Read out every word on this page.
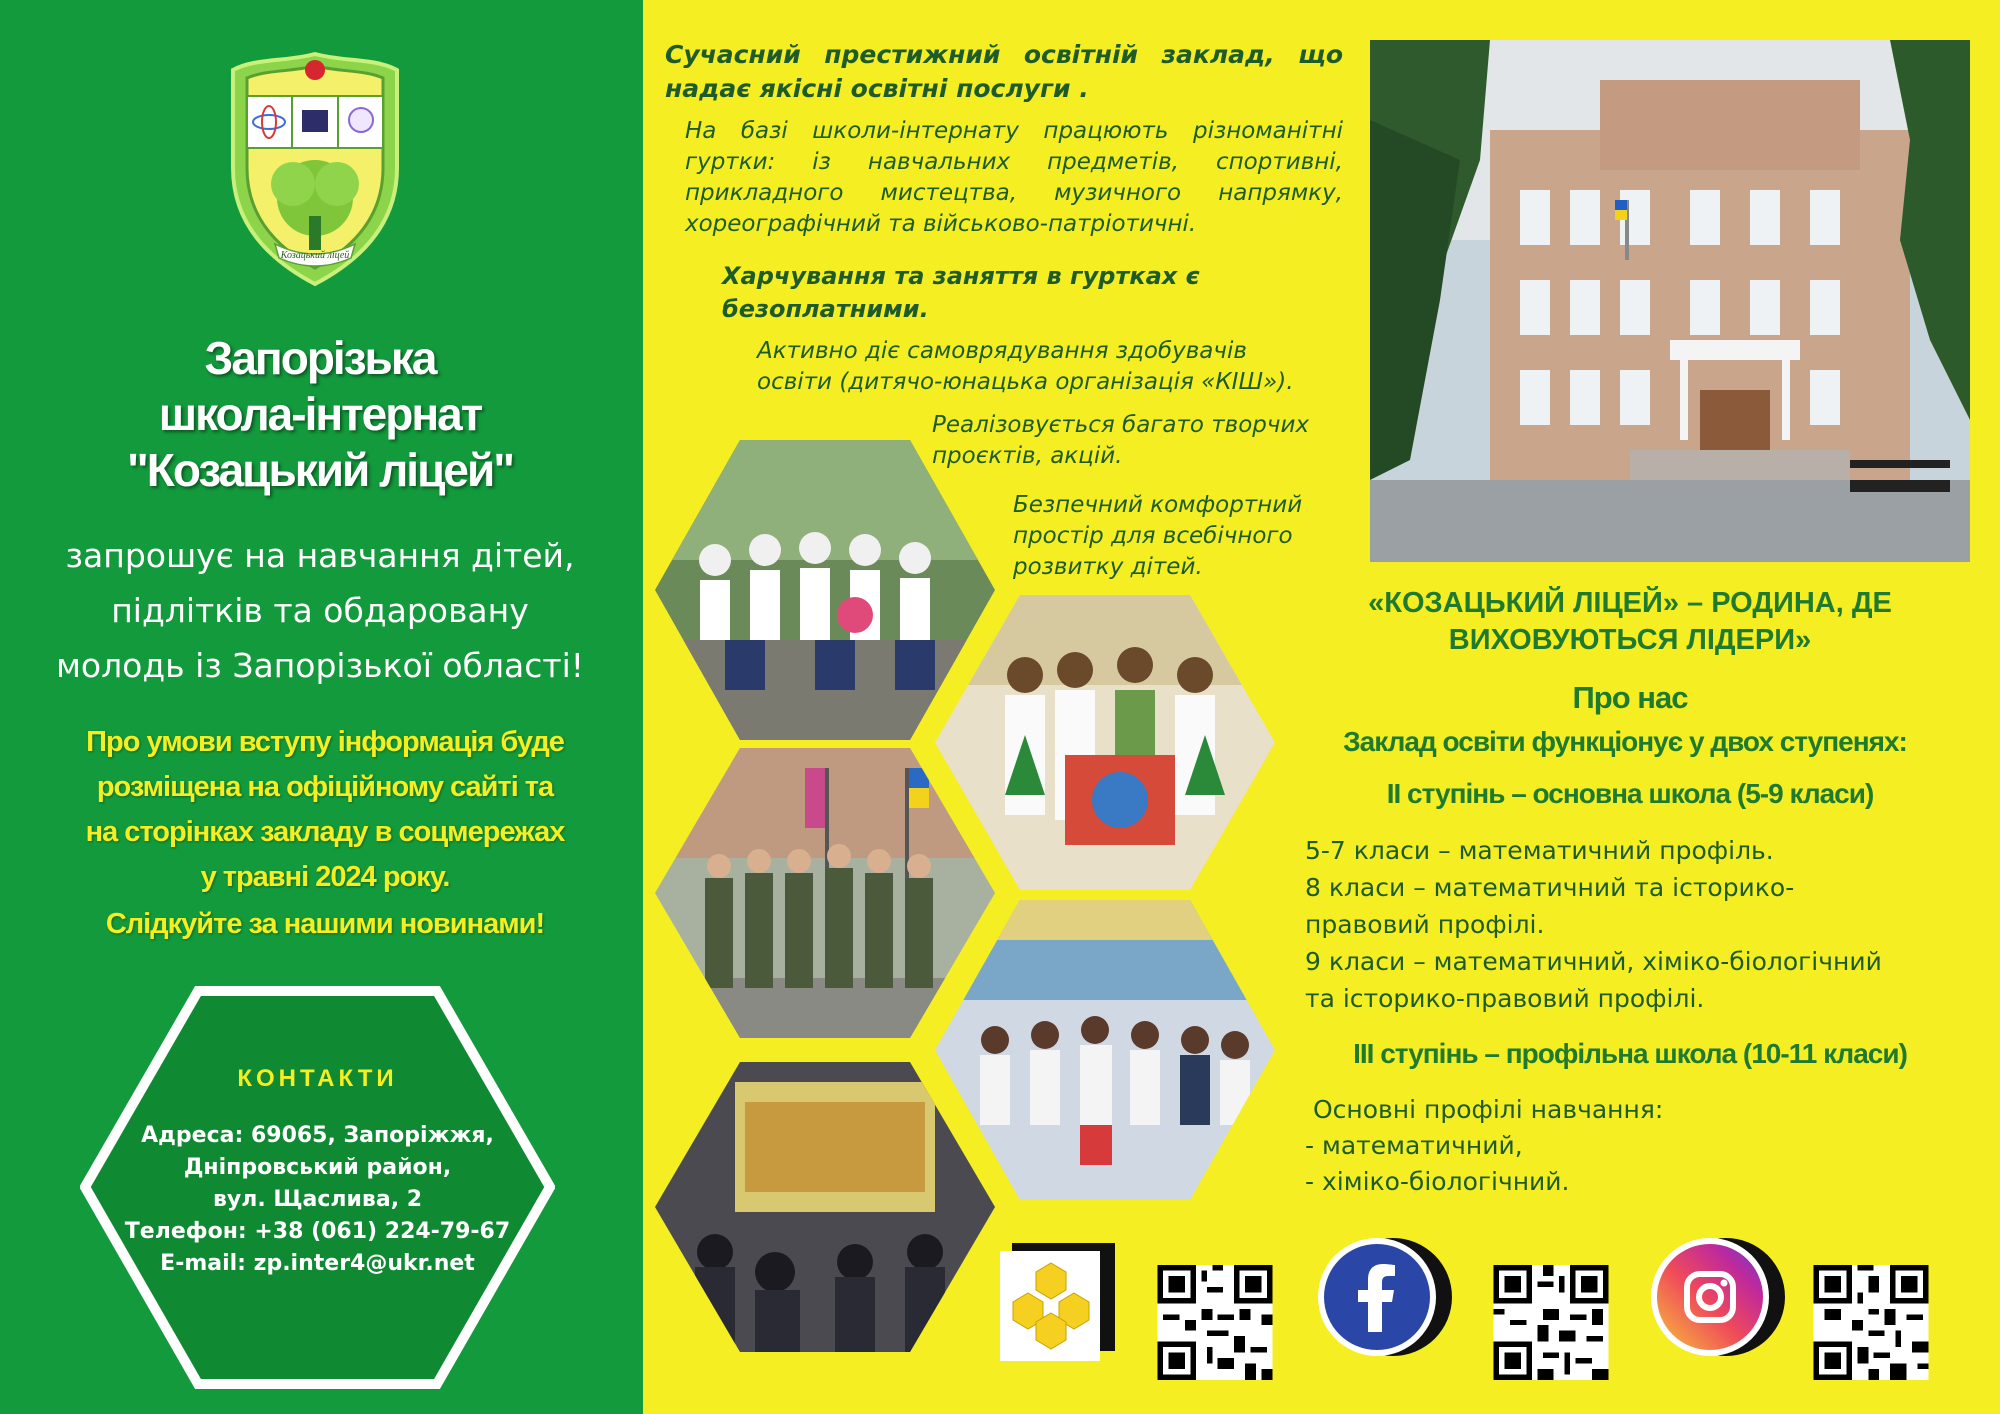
Козацький ліцей
Запорізька
школа-інтернат
"Козацький ліцей"
запрошує на навчання дітей,
підлітків та обдаровану
молодь із Запорізької області!
Про умови вступу інформація буде
розміщена на офіційному сайті та
на сторінках закладу в соцмережах
у травні 2024 року.
Слідкуйте за нашими новинами!
КОНТАКТИ
Адреса: 69065, Запоріжжя,
Дніпровський район,
вул. Щаслива, 2
Телефон: +38 (061) 224-79-67
E-mail: zp.inter4@ukr.net
Сучасний престижний освітній заклад, що надає якісні освітні послуги .
На базі школи-інтернату працюють різноманітні гуртки: із навчальних предметів, спортивні, прикладного мистецтва, музичного напрямку, хореографічний та військово-патріотичні.
Харчування та заняття в гуртках є безоплатними.
Активно діє самоврядування здобувачів
освіти (дитячо-юнацька організація «КІШ»).
Реалізовується багато творчих
проєктів, акцій.
Безпечний комфортний
простір для всебічного
розвитку дітей.
«КОЗАЦЬКИЙ ЛІЦЕЙ» – РОДИНА, ДЕ
ВИХОВУЮТЬСЯ ЛІДЕРИ»
Про нас
Заклад освіти функціонує у двох ступенях:
ІІ ступінь – основна школа (5-9 класи)
5-7 класи – математичний профіль.
8 класи – математичний та історико-
правовий профілі.
9 класи – математичний, хіміко-біологічний
та історико-правовий профілі.
ІІІ ступінь – профільна школа (10-11 класи)
Основні профілі навчання:
- математичний,
- хіміко-біологічний.
